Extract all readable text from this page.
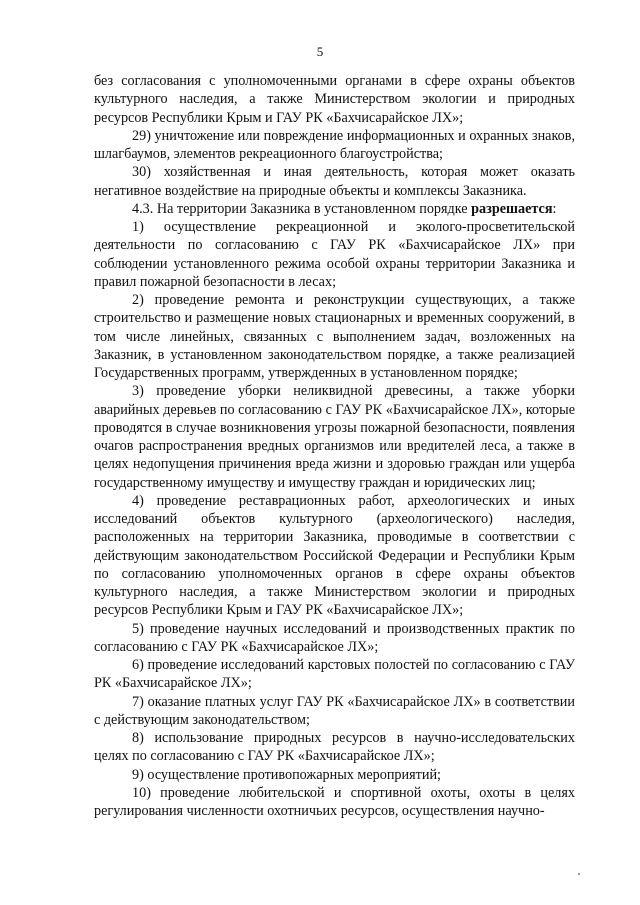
5

без согласования с уполномоченными органами в сфере охраны объектов культурного наследия, а также Министерством экологии и природных ресурсов Республики Крым и ГАУ РК «Бахчисарайское ЛХ»;

29) уничтожение или повреждение информационных и охранных знаков, шлагбаумов, элементов рекреационного благоустройства;

30) хозяйственная и иная деятельность, которая может оказать негативное воздействие на природные объекты и комплексы Заказника.

4.3. На территории Заказника в установленном порядке разрешается:

1) осуществление рекреационной и эколого-просветительской деятельности по согласованию с ГАУ РК «Бахчисарайское ЛХ» при соблюдении установленного режима особой охраны территории Заказника и правил пожарной безопасности в лесах;

2) проведение ремонта и реконструкции существующих, а также строительство и размещение новых стационарных и временных сооружений, в том числе линейных, связанных с выполнением задач, возложенных на Заказник, в установленном законодательством порядке, а также реализацией Государственных программ, утвержденных в установленном порядке;

3) проведение уборки неликвидной древесины, а также уборки аварийных деревьев по согласованию с ГАУ РК «Бахчисарайское ЛХ», которые проводятся в случае возникновения угрозы пожарной безопасности, появления очагов распространения вредных организмов или вредителей леса, а также в целях недопущения причинения вреда жизни и здоровью граждан или ущерба государственному имуществу и имуществу граждан и юридических лиц;

4) проведение реставрационных работ, археологических и иных исследований объектов культурного (археологического) наследия, расположенных на территории Заказника, проводимые в соответствии с действующим законодательством Российской Федерации и Республики Крым по согласованию уполномоченных органов в сфере охраны объектов культурного наследия, а также Министерством экологии и природных ресурсов Республики Крым и ГАУ РК «Бахчисарайское ЛХ»;

5) проведение научных исследований и производственных практик по согласованию с ГАУ РК «Бахчисарайское ЛХ»;

6) проведение исследований карстовых полостей по согласованию с ГАУ РК «Бахчисарайское ЛХ»;

7) оказание платных услуг ГАУ РК «Бахчисарайское ЛХ» в соответствии с действующим законодательством;

8) использование природных ресурсов в научно-исследовательских целях по согласованию с ГАУ РК «Бахчисарайское ЛХ»;

9) осуществление противопожарных мероприятий;

10) проведение любительской и спортивной охоты, охоты в целях регулирования численности охотничьих ресурсов, осуществления научно-
